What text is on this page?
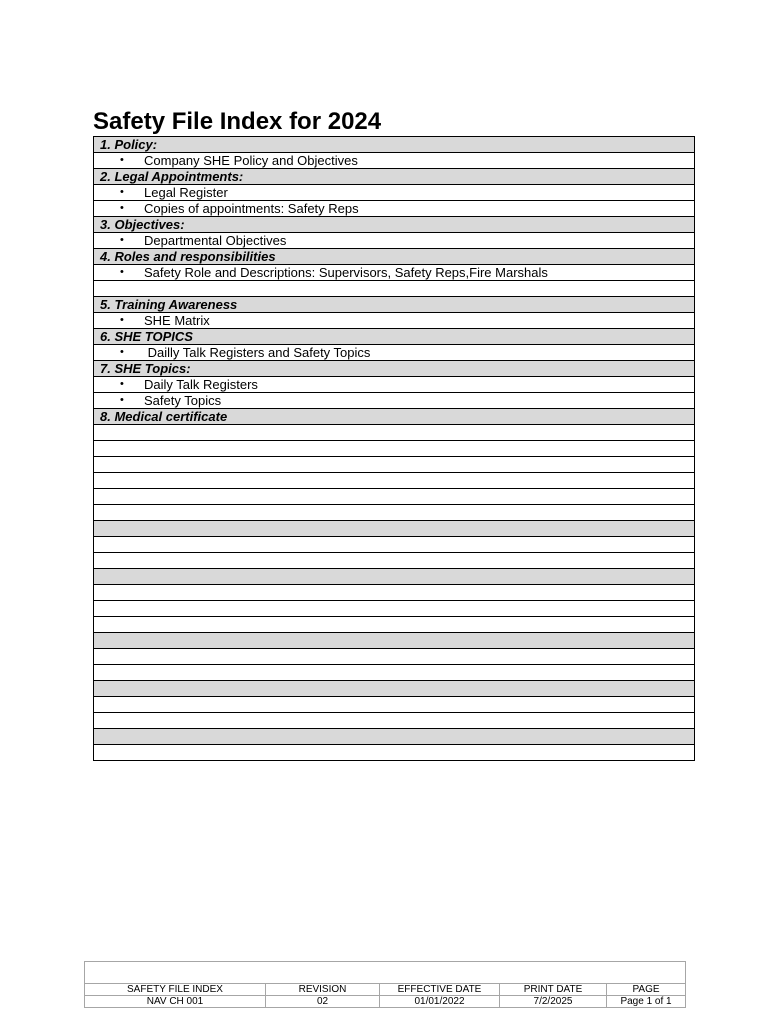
Safety File Index for 2024
1. Policy:
• Company SHE Policy and Objectives
2. Legal Appointments:
• Legal Register
• Copies of appointments: Safety Reps
3. Objectives:
• Departmental Objectives
4. Roles and responsibilities
• Safety Role and Descriptions: Supervisors, Safety Reps,Fire Marshals

5. Training Awareness
• SHE Matrix
6. SHE TOPICS
• Dailly Talk Registers and Safety Topics
7. SHE Topics:
• Daily Talk Registers
• Safety Topics
8. Medical certificate

SAFETY FILE INDEX	REVISION	EFFECTIVE DATE	PRINT DATE	PAGE
NAV CH 001	02	01/01/2022	7/2/2025	Page 1 of 1
